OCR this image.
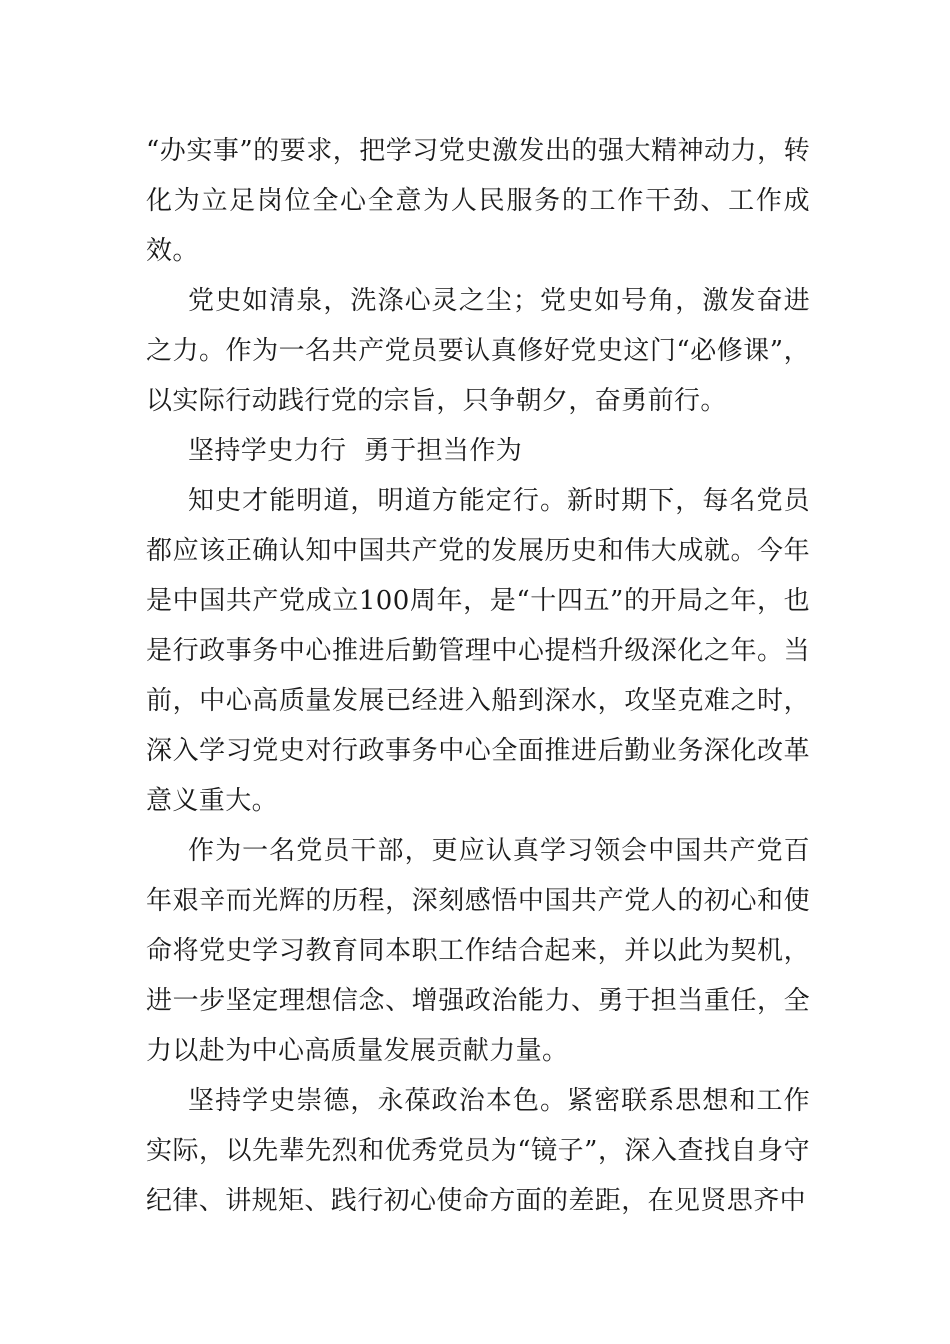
“办实事”的要求，把学习党史激发出的强大精神动力，转化为立足岗位全心全意为人民服务的工作干劲、工作成效。

党史如清泉，洗涤心灵之尘；党史如号角，激发奋进之力。作为一名共产党员要认真修好党史这门“必修课”，以实际行动践行党的宗旨，只争朝夕，奋勇前行。

坚持学史力行  勇于担当作为

知史才能明道，明道方能定行。新时期下，每名党员都应该正确认知中国共产党的发展历史和伟大成就。今年是中国共产党成立100周年，是“十四五”的开局之年，也是行政事务中心推进后勤管理中心提档升级深化之年。当前，中心高质量发展已经进入船到深水，攻坚克难之时，深入学习党史对行政事务中心全面推进后勤业务深化改革意义重大。

作为一名党员干部，更应认真学习领会中国共产党百年艰辛而光辉的历程，深刻感悟中国共产党人的初心和使命将党史学习教育同本职工作结合起来，并以此为契机，进一步坚定理想信念、增强政治能力、勇于担当重任，全力以赴为中心高质量发展贡献力量。

坚持学史崇德，永葆政治本色。紧密联系思想和工作实际，以先辈先烈和优秀党员为“镜子”，深入查找自身守纪律、讲规矩、践行初心使命方面的差距，在见贤思齐中
